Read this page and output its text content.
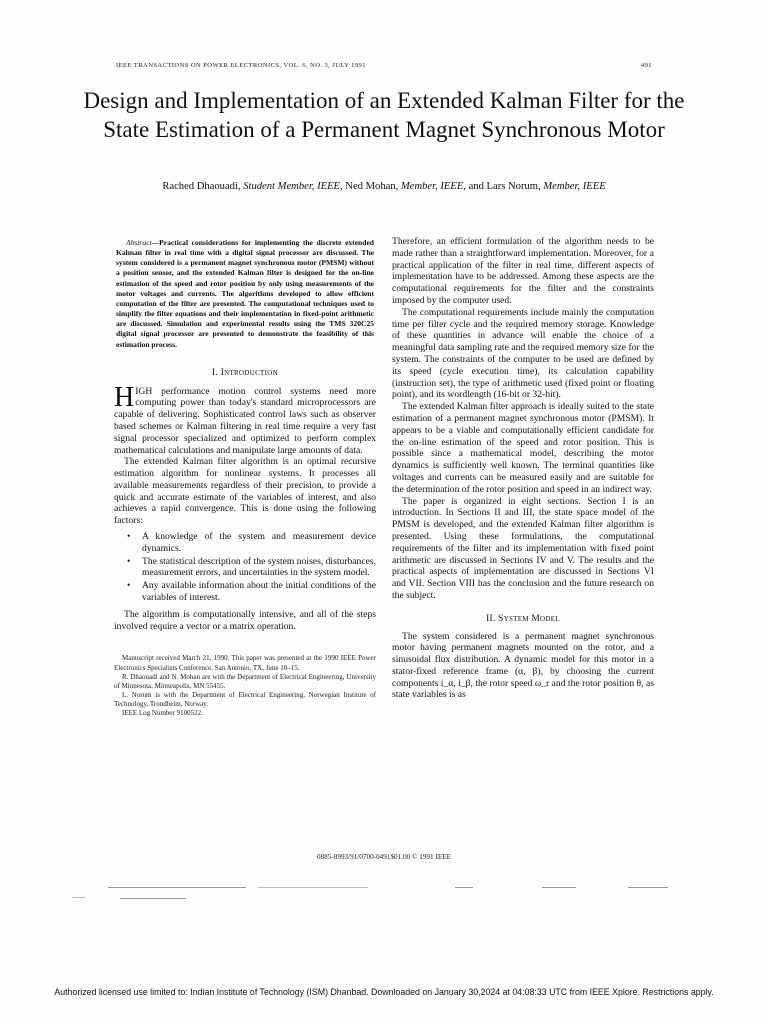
IEEE TRANSACTIONS ON POWER ELECTRONICS, VOL. 6, NO. 3, JULY 1991	491
Design and Implementation of an Extended Kalman Filter for the State Estimation of a Permanent Magnet Synchronous Motor
Rached Dhaouadi, Student Member, IEEE, Ned Mohan, Member, IEEE, and Lars Norum, Member, IEEE

Abstract—Practical considerations for implementing the discrete extended Kalman filter in real time with a digital signal processor are discussed. The system considered is a permanent magnet synchronous motor (PMSM) without a position sensor, and the extended Kalman filter is designed for the on-line estimation of the speed and rotor position by only using measurements of the motor voltages and currents. The algorithms developed to allow efficient computation of the filter are presented. The computational techniques used to simplify the filter equations and their implementation in fixed-point arithmetic are discussed. Simulation and experimental results using the TMS 320C25 digital signal processor are presented to demonstrate the feasibility of this estimation process.

I. Introduction

HIGH performance motion control systems need more computing power than today's standard microprocessors are capable of delivering. Sophisticated control laws such as observer based schemes or Kalman filtering in real time require a very fast signal processor specialized and optimized to perform complex mathematical calculations and manipulate large amounts of data.

The extended Kalman filter algorithm is an optimal recursive estimation algorithm for nonlinear systems. It processes all available measurements regardless of their precision, to provide a quick and accurate estimate of the variables of interest, and also achieves a rapid convergence. This is done using the following factors:

• A knowledge of the system and measurement device dynamics.
• The statistical description of the system noises, disturbances, measurement errors, and uncertainties in the system model.
• Any available information about the initial conditions of the variables of interest.

The algorithm is computationally intensive, and all of the steps involved require a vector or a matrix operation.

Manuscript received March 21, 1990. This paper was presented at the 1990 IEEE Power Electronics Specialists Conference, San Antonio, TX, June 10–15.

R. Dhaouadi and N. Mohan are with the Department of Electrical Engineering, University of Minnesota, Minneapolis, MN 55455.

L. Norum is with the Department of Electrical Engineering, Norwegian Institute of Technology, Trondheim, Norway.

IEEE Log Number 9100522.

Therefore, an efficient formulation of the algorithm needs to be made rather than a straightforward implementation. Moreover, for a practical application of the filter in real time, different aspects of implementation have to be addressed. Among these aspects are the computational requirements for the filter and the constraints imposed by the computer used.

The computational requirements include mainly the computation time per filter cycle and the required memory storage. Knowledge of these quantities in advance will enable the choice of a meaningful data sampling rate and the required memory size for the system. The constraints of the computer to be used are defined by its speed (cycle execution time), its calculation capability (instruction set), the type of arithmetic used (fixed point or floating point), and its wordlength (16-bit or 32-bit).

The extended Kalman filter approach is ideally suited to the state estimation of a permanent magnet synchronous motor (PMSM). It appears to be a viable and computationally efficient candidate for the on-line estimation of the speed and rotor position. This is possible since a mathematical model, describing the motor dynamics is sufficiently well known. The terminal quantities like voltages and currents can be measured easily and are suitable for the determination of the rotor position and speed in an indirect way.

The paper is organized in eight sections. Section I is an introduction. In Sections II and III, the state space model of the PMSM is developed, and the extended Kalman filter algorithm is presented. Using these formulations, the computational requirements of the filter and its implementation with fixed point arithmetic are discussed in Sections IV and V. The results and the practical aspects of implementation are discussed in Sections VI and VII. Section VIII has the conclusion and the future research on the subject.

II. System Model

The system considered is a permanent magnet synchronous motor having permanent magnets mounted on the rotor, and a sinusoidal flux distribution. A dynamic model for this motor in a stator-fixed reference frame (α, β), by choosing the current components i_α, i_β, the rotor speed ω_r and the rotor position θ, as state variables is as

0885-8993/91/0700-0491$01.00 © 1991 IEEE
Authorized licensed use limited to: Indian Institute of Technology (ISM) Dhanbad. Downloaded on January 30,2024 at 04:08:33 UTC from IEEE Xplore. Restrictions apply.
